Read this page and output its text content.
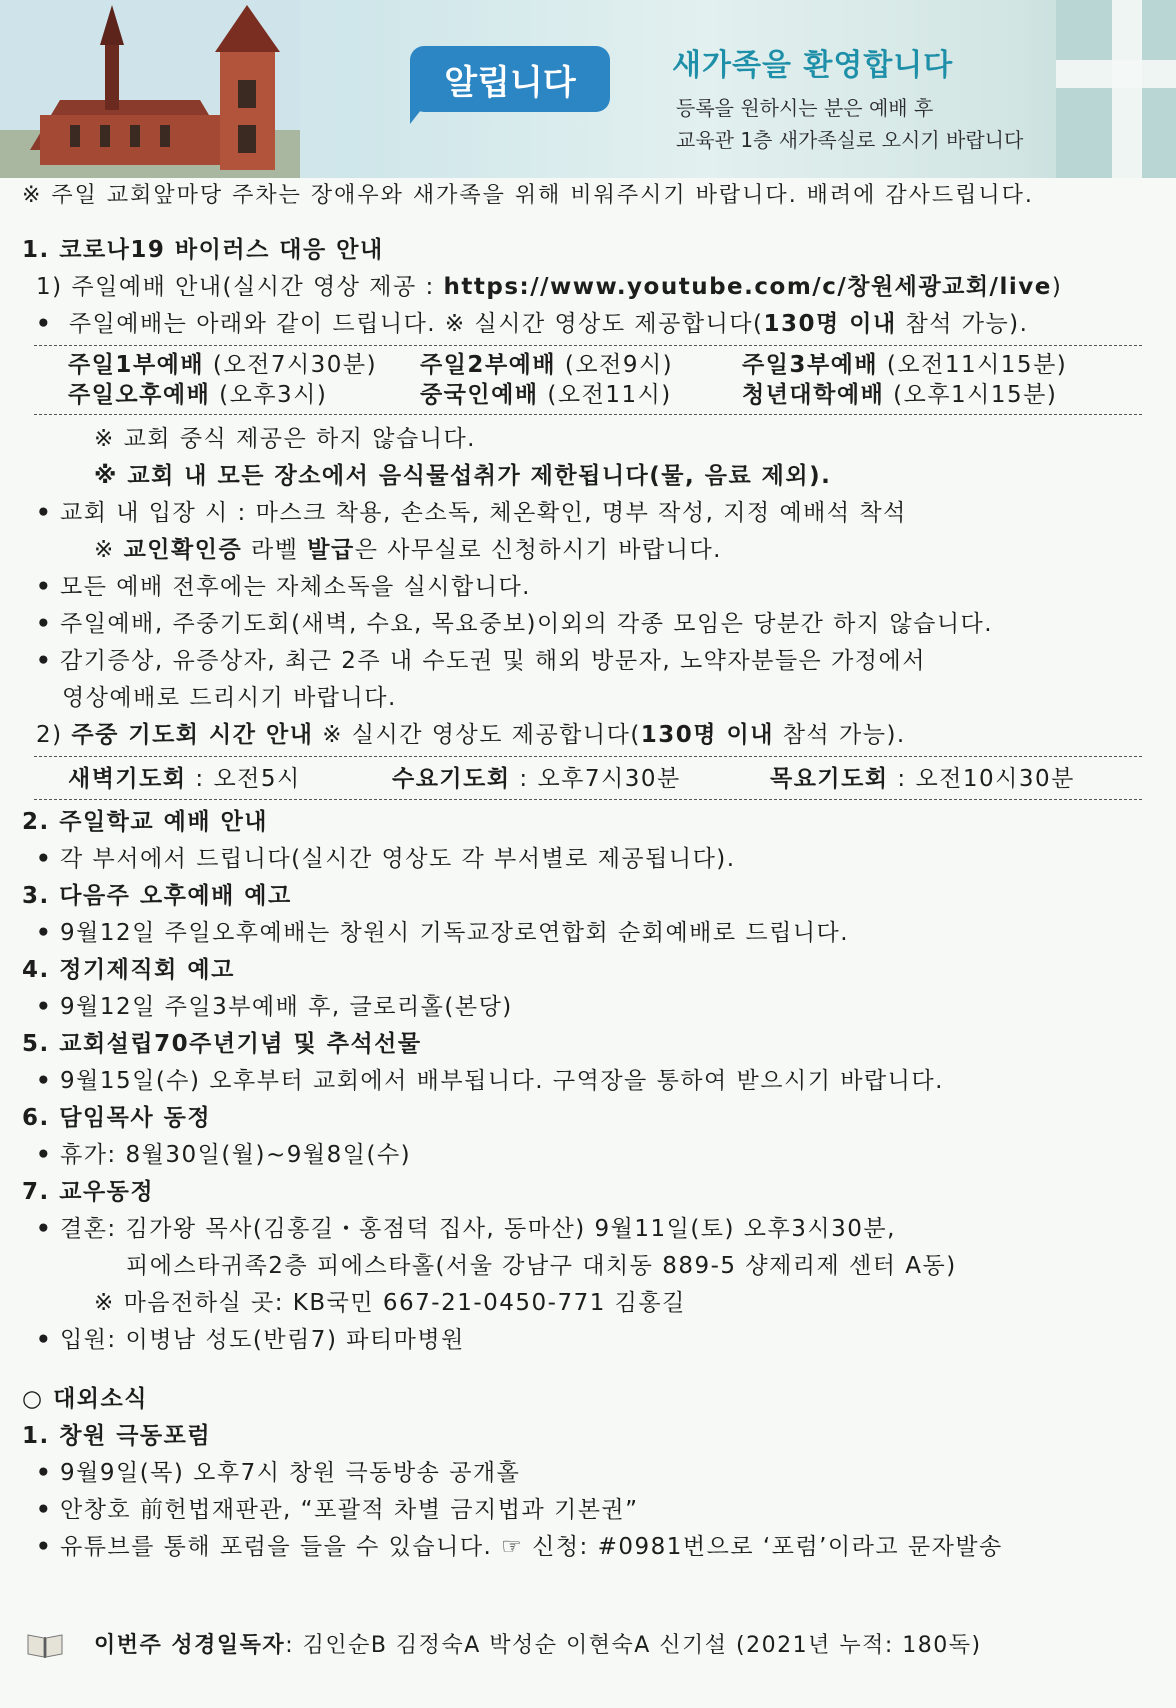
알립니다	새가족을 환영합니다
등록을 원하시는 분은 예배 후
교육관 1층 새가족실로 오시기 바랍니다
※ 주일 교회앞마당 주차는 장애우와 새가족을 위해 비워주시기 바랍니다. 배려에 감사드립니다.
1. 코로나19 바이러스 대응 안내
1) 주일예배 안내(실시간 영상 제공 : https://www.youtube.com/c/창원세광교회/live)
• 주일예배는 아래와 같이 드립니다. ※ 실시간 영상도 제공합니다(130명 이내 참석 가능).
주일1부예배 (오전7시30분)	주일2부예배 (오전9시)	주일3부예배 (오전11시15분)
주일오후예배 (오후3시)	중국인예배 (오전11시)	청년대학예배 (오후1시15분)
※ 교회 중식 제공은 하지 않습니다.
※ 교회 내 모든 장소에서 음식물섭취가 제한됩니다(물, 음료 제외).
• 교회 내 입장 시 : 마스크 착용, 손소독, 체온확인, 명부 작성, 지정 예배석 착석
※ 교인확인증 라벨 발급은 사무실로 신청하시기 바랍니다.
• 모든 예배 전후에는 자체소독을 실시합니다.
• 주일예배, 주중기도회(새벽, 수요, 목요중보)이외의 각종 모임은 당분간 하지 않습니다.
• 감기증상, 유증상자, 최근 2주 내 수도권 및 해외 방문자, 노약자분들은 가정에서
영상예배로 드리시기 바랍니다.
2) 주중 기도회 시간 안내 ※ 실시간 영상도 제공합니다(130명 이내 참석 가능).
새벽기도회 : 오전5시	수요기도회 : 오후7시30분	목요기도회 : 오전10시30분
2. 주일학교 예배 안내
• 각 부서에서 드립니다(실시간 영상도 각 부서별로 제공됩니다).
3. 다음주 오후예배 예고
• 9월12일 주일오후예배는 창원시 기독교장로연합회 순회예배로 드립니다.
4. 정기제직회 예고
• 9월12일 주일3부예배 후, 글로리홀(본당)
5. 교회설립70주년기념 및 추석선물
• 9월15일(수) 오후부터 교회에서 배부됩니다. 구역장을 통하여 받으시기 바랍니다.
6. 담임목사 동정
• 휴가: 8월30일(월)~9월8일(수)
7. 교우동정
• 결혼: 김가왕 목사(김홍길・홍점덕 집사, 동마산) 9월11일(토) 오후3시30분,
피에스타귀족2층 피에스타홀(서울 강남구 대치동 889-5 샹제리제 센터 A동)
※ 마음전하실 곳: KB국민 667-21-0450-771 김홍길
• 입원: 이병남 성도(반림7) 파티마병원
○ 대외소식
1. 창원 극동포럼
• 9월9일(목) 오후7시 창원 극동방송 공개홀
• 안창호 前헌법재판관, “포괄적 차별 금지법과 기본권”
• 유튜브를 통해 포럼을 들을 수 있습니다. ☞ 신청: #0981번으로 ‘포럼’이라고 문자발송
이번주 성경일독자 : 김인순B 김정숙A 박성순 이현숙A 신기설 (2021년 누적: 180독)
